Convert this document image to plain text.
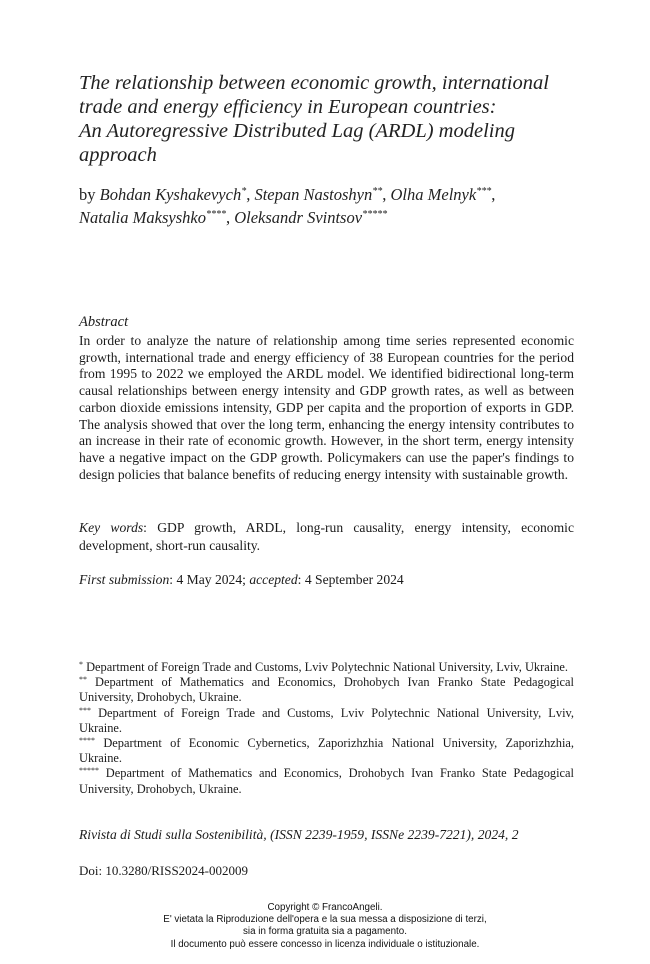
The relationship between economic growth, international
trade and energy efficiency in European countries:
An Autoregressive Distributed Lag (ARDL) modeling
approach
by Bohdan Kyshakevych*, Stepan Nastoshyn**, Olha Melnyk***,
Natalia Maksyshko****, Oleksandr Svintsov*****
Abstract
In order to analyze the nature of relationship among time series represented economic growth, international trade and energy efficiency of 38 European countries for the period from 1995 to 2022 we employed the ARDL model. We identified bidirectional long-term causal relationships between energy intensity and GDP growth rates, as well as between carbon dioxide emissions intensity, GDP per capita and the proportion of exports in GDP. The analysis showed that over the long term, enhancing the energy intensity contributes to an increase in their rate of economic growth. However, in the short term, energy intensity have a negative impact on the GDP growth. Policymakers can use the paper's findings to design policies that balance benefits of reducing energy intensity with sustainable growth.
Key words: GDP growth, ARDL, long-run causality, energy intensity, economic development, short-run causality.
First submission: 4 May 2024; accepted: 4 September 2024
* Department of Foreign Trade and Customs, Lviv Polytechnic National University, Lviv, Ukraine.
** Department of Mathematics and Economics, Drohobych Ivan Franko State Pedagogical University, Drohobych, Ukraine.
*** Department of Foreign Trade and Customs, Lviv Polytechnic National University, Lviv, Ukraine.
**** Department of Economic Cybernetics, Zaporizhzhia National University, Zaporizhzhia, Ukraine.
***** Department of Mathematics and Economics, Drohobych Ivan Franko State Pedagogical University, Drohobych, Ukraine.
Rivista di Studi sulla Sostenibilità, (ISSN 2239-1959, ISSNe 2239-7221), 2024, 2
Doi: 10.3280/RISS2024-002009
Copyright © FrancoAngeli.
E' vietata la Riproduzione dell'opera e la sua messa a disposizione di terzi,
sia in forma gratuita sia a pagamento.
Il documento può essere concesso in licenza individuale o istituzionale.
